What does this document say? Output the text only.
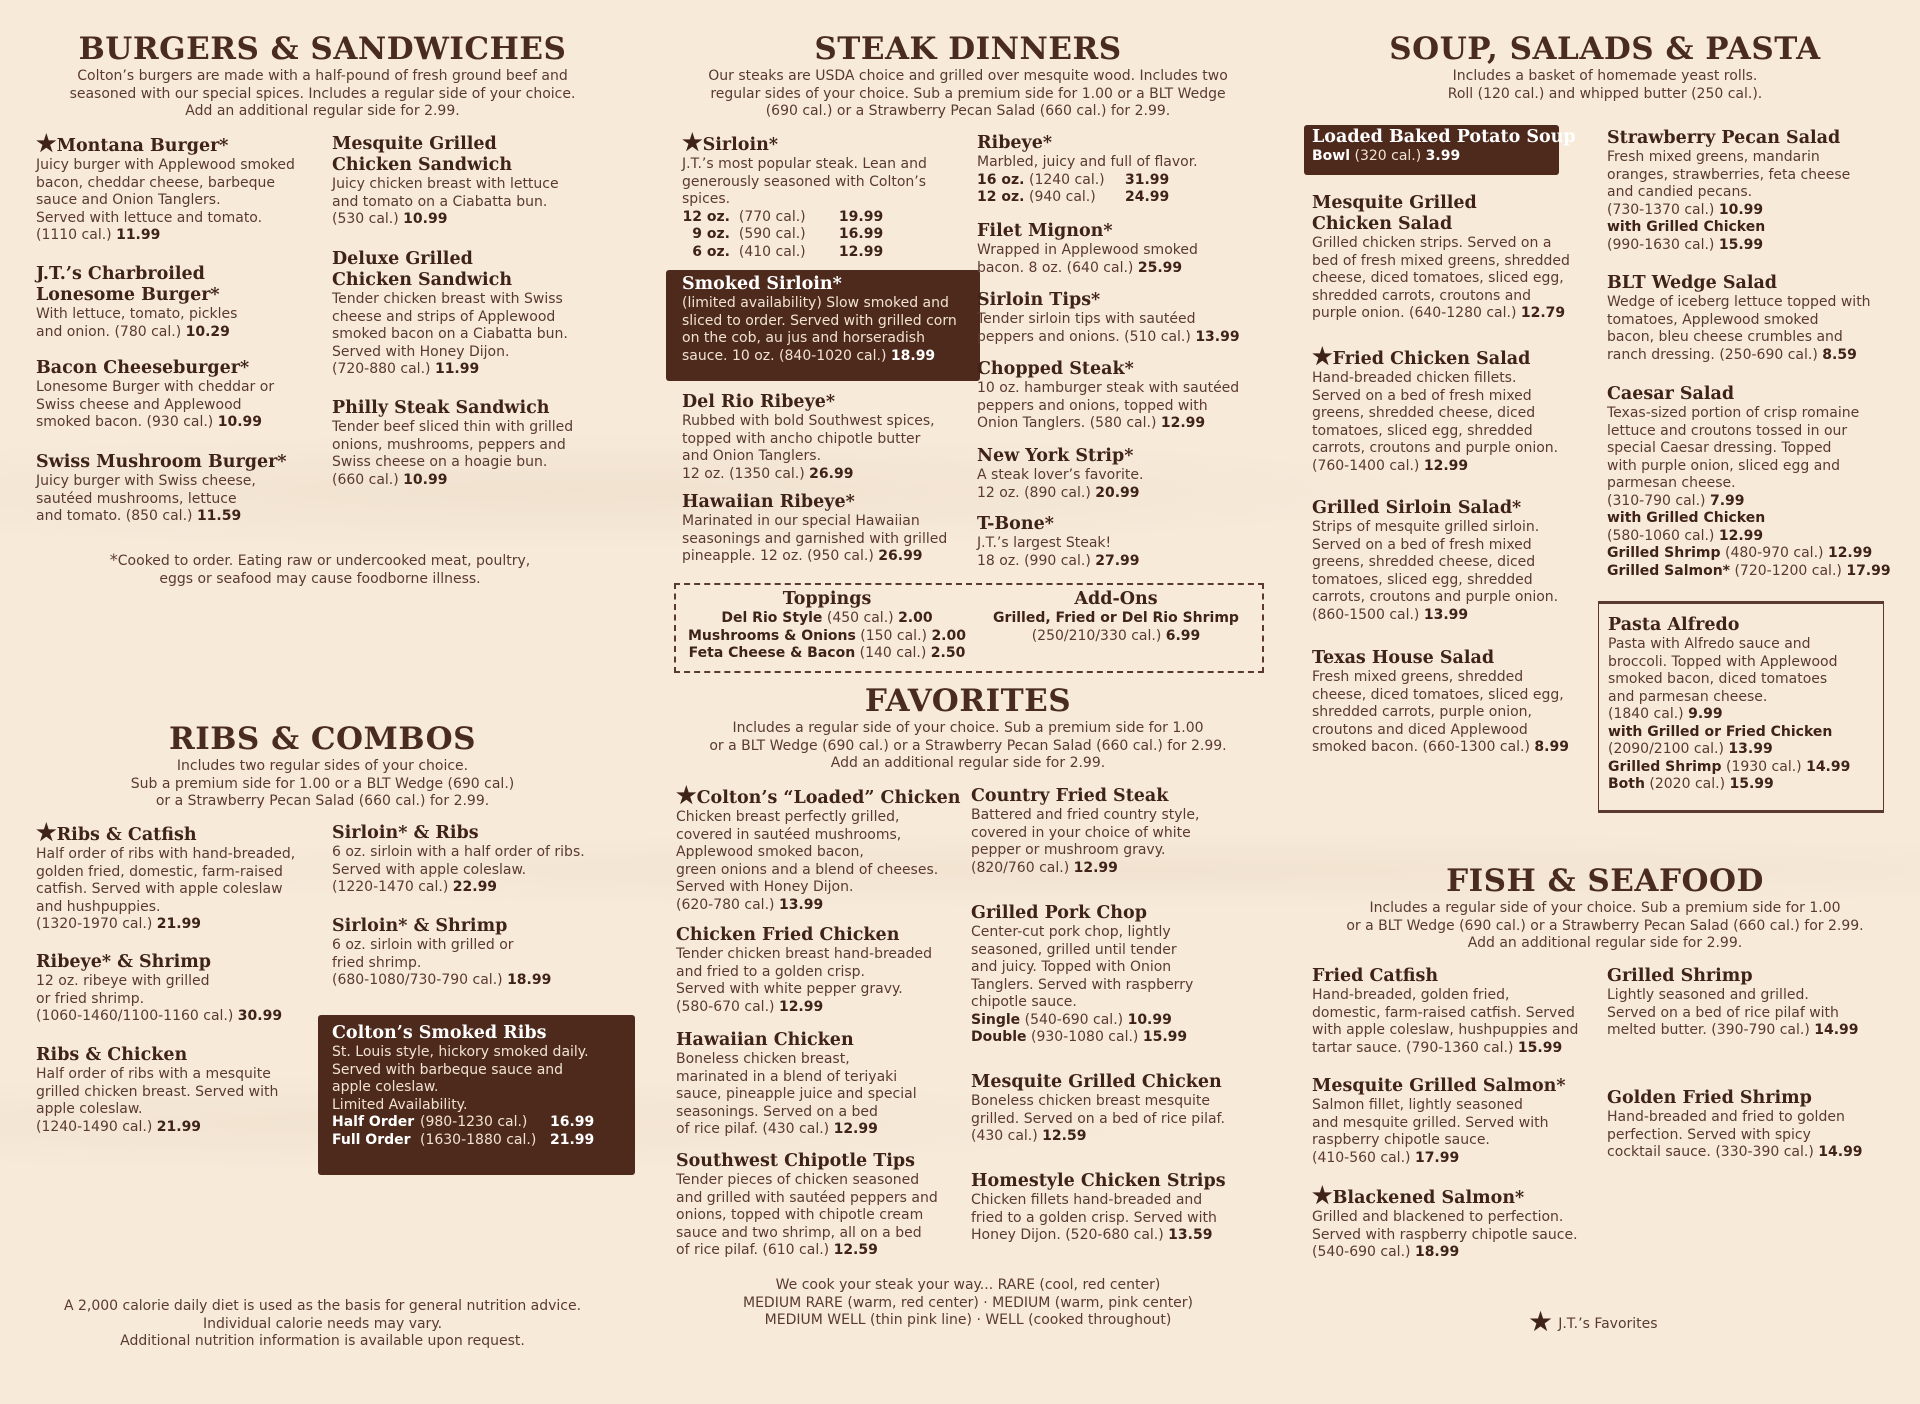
BURGERS & SANDWICHES
Colton’s burgers are made with a half-pound of fresh ground beef and
seasoned with our special spices. Includes a regular side of your choice.
Add an additional regular side for 2.99.
★Montana Burger*
Juicy burger with Applewood smoked
bacon, cheddar cheese, barbeque
sauce and Onion Tanglers.
Served with lettuce and tomato.
(1110 cal.) 11.99
J.T.’s Charbroiled
Lonesome Burger*
With lettuce, tomato, pickles
and onion. (780 cal.) 10.29
Bacon Cheeseburger*
Lonesome Burger with cheddar or
Swiss cheese and Applewood
smoked bacon. (930 cal.) 10.99
Swiss Mushroom Burger*
Juicy burger with Swiss cheese,
sautéed mushrooms, lettuce
and tomato. (850 cal.) 11.59
Mesquite Grilled
Chicken Sandwich
Juicy chicken breast with lettuce
and tomato on a Ciabatta bun.
(530 cal.) 10.99
Deluxe Grilled
Chicken Sandwich
Tender chicken breast with Swiss
cheese and strips of Applewood
smoked bacon on a Ciabatta bun.
Served with Honey Dijon.
(720-880 cal.) 11.99
Philly Steak Sandwich
Tender beef sliced thin with grilled
onions, mushrooms, peppers and
Swiss cheese on a hoagie bun.
(660 cal.) 10.99
*Cooked to order. Eating raw or undercooked meat, poultry,
eggs or seafood may cause foodborne illness.
STEAK DINNERS
Our steaks are USDA choice and grilled over mesquite wood. Includes two
regular sides of your choice. Sub a premium side for 1.00 or a BLT Wedge
(690 cal.) or a Strawberry Pecan Salad (660 cal.) for 2.99.
★Sirloin*
J.T.’s most popular steak. Lean and
generously seasoned with Colton’s
spices.
12 oz. (770 cal.) 19.99
9 oz. (590 cal.) 16.99
6 oz. (410 cal.) 12.99
Smoked Sirloin*
(limited availability) Slow smoked and
sliced to order. Served with grilled corn
on the cob, au jus and horseradish
sauce. 10 oz. (840-1020 cal.) 18.99
Del Rio Ribeye*
Rubbed with bold Southwest spices,
topped with ancho chipotle butter
and Onion Tanglers.
12 oz. (1350 cal.) 26.99
Hawaiian Ribeye*
Marinated in our special Hawaiian
seasonings and garnished with grilled
pineapple. 12 oz. (950 cal.) 26.99
Ribeye*
Marbled, juicy and full of flavor.
16 oz. (1240 cal.) 31.99
12 oz. (940 cal.) 24.99
Filet Mignon*
Wrapped in Applewood smoked
bacon. 8 oz. (640 cal.) 25.99
Sirloin Tips*
Tender sirloin tips with sautéed
peppers and onions. (510 cal.) 13.99
Chopped Steak*
10 oz. hamburger steak with sautéed
peppers and onions, topped with
Onion Tanglers. (580 cal.) 12.99
New York Strip*
A steak lover’s favorite.
12 oz. (890 cal.) 20.99
T-Bone*
J.T.’s largest Steak!
18 oz. (990 cal.) 27.99
Toppings
Del Rio Style (450 cal.) 2.00
Mushrooms & Onions (150 cal.) 2.00
Feta Cheese & Bacon (140 cal.) 2.50
Add-Ons
Grilled, Fried or Del Rio Shrimp
(250/210/330 cal.) 6.99
SOUP, SALADS & PASTA
Includes a basket of homemade yeast rolls.
Roll (120 cal.) and whipped butter (250 cal.).
Loaded Baked Potato Soup
Bowl (320 cal.) 3.99
Mesquite Grilled
Chicken Salad
Grilled chicken strips. Served on a
bed of fresh mixed greens, shredded
cheese, diced tomatoes, sliced egg,
shredded carrots, croutons and
purple onion. (640-1280 cal.) 12.79
★Fried Chicken Salad
Hand-breaded chicken fillets.
Served on a bed of fresh mixed
greens, shredded cheese, diced
tomatoes, sliced egg, shredded
carrots, croutons and purple onion.
(760-1400 cal.) 12.99
Grilled Sirloin Salad*
Strips of mesquite grilled sirloin.
Served on a bed of fresh mixed
greens, shredded cheese, diced
tomatoes, sliced egg, shredded
carrots, croutons and purple onion.
(860-1500 cal.) 13.99
Texas House Salad
Fresh mixed greens, shredded
cheese, diced tomatoes, sliced egg,
shredded carrots, purple onion,
croutons and diced Applewood
smoked bacon. (660-1300 cal.) 8.99
Strawberry Pecan Salad
Fresh mixed greens, mandarin
oranges, strawberries, feta cheese
and candied pecans.
(730-1370 cal.) 10.99
with Grilled Chicken
(990-1630 cal.) 15.99
BLT Wedge Salad
Wedge of iceberg lettuce topped with
tomatoes, Applewood smoked
bacon, bleu cheese crumbles and
ranch dressing. (250-690 cal.) 8.59
Caesar Salad
Texas-sized portion of crisp romaine
lettuce and croutons tossed in our
special Caesar dressing. Topped
with purple onion, sliced egg and
parmesan cheese.
(310-790 cal.) 7.99
with Grilled Chicken
(580-1060 cal.) 12.99
Grilled Shrimp (480-970 cal.) 12.99
Grilled Salmon* (720-1200 cal.) 17.99
Pasta Alfredo
Pasta with Alfredo sauce and
broccoli. Topped with Applewood
smoked bacon, diced tomatoes
and parmesan cheese.
(1840 cal.) 9.99
with Grilled or Fried Chicken
(2090/2100 cal.) 13.99
Grilled Shrimp (1930 cal.) 14.99
Both (2020 cal.) 15.99
RIBS & COMBOS
Includes two regular sides of your choice.
Sub a premium side for 1.00 or a BLT Wedge (690 cal.)
or a Strawberry Pecan Salad (660 cal.) for 2.99.
★Ribs & Catfish
Half order of ribs with hand-breaded,
golden fried, domestic, farm-raised
catfish. Served with apple coleslaw
and hushpuppies.
(1320-1970 cal.) 21.99
Ribeye* & Shrimp
12 oz. ribeye with grilled
or fried shrimp.
(1060-1460/1100-1160 cal.) 30.99
Ribs & Chicken
Half order of ribs with a mesquite
grilled chicken breast. Served with
apple coleslaw.
(1240-1490 cal.) 21.99
Sirloin* & Ribs
6 oz. sirloin with a half order of ribs.
Served with apple coleslaw.
(1220-1470 cal.) 22.99
Sirloin* & Shrimp
6 oz. sirloin with grilled or
fried shrimp.
(680-1080/730-790 cal.) 18.99
Colton’s Smoked Ribs
St. Louis style, hickory smoked daily.
Served with barbeque sauce and
apple coleslaw.
Limited Availability.
Half Order (980-1230 cal.) 16.99
Full Order (1630-1880 cal.) 21.99
FAVORITES
Includes a regular side of your choice. Sub a premium side for 1.00
or a BLT Wedge (690 cal.) or a Strawberry Pecan Salad (660 cal.) for 2.99.
Add an additional regular side for 2.99.
★Colton’s “Loaded” Chicken
Chicken breast perfectly grilled,
covered in sautéed mushrooms,
Applewood smoked bacon,
green onions and a blend of cheeses.
Served with Honey Dijon.
(620-780 cal.) 13.99
Chicken Fried Chicken
Tender chicken breast hand-breaded
and fried to a golden crisp.
Served with white pepper gravy.
(580-670 cal.) 12.99
Hawaiian Chicken
Boneless chicken breast,
marinated in a blend of teriyaki
sauce, pineapple juice and special
seasonings. Served on a bed
of rice pilaf. (430 cal.) 12.99
Southwest Chipotle Tips
Tender pieces of chicken seasoned
and grilled with sautéed peppers and
onions, topped with chipotle cream
sauce and two shrimp, all on a bed
of rice pilaf. (610 cal.) 12.59
Country Fried Steak
Battered and fried country style,
covered in your choice of white
pepper or mushroom gravy.
(820/760 cal.) 12.99
Grilled Pork Chop
Center-cut pork chop, lightly
seasoned, grilled until tender
and juicy. Topped with Onion
Tanglers. Served with raspberry
chipotle sauce.
Single (540-690 cal.) 10.99
Double (930-1080 cal.) 15.99
Mesquite Grilled Chicken
Boneless chicken breast mesquite
grilled. Served on a bed of rice pilaf.
(430 cal.) 12.59
Homestyle Chicken Strips
Chicken fillets hand-breaded and
fried to a golden crisp. Served with
Honey Dijon. (520-680 cal.) 13.59
We cook your steak your way... RARE (cool, red center)
MEDIUM RARE (warm, red center) · MEDIUM (warm, pink center)
MEDIUM WELL (thin pink line) · WELL (cooked throughout)
FISH & SEAFOOD
Includes a regular side of your choice. Sub a premium side for 1.00
or a BLT Wedge (690 cal.) or a Strawberry Pecan Salad (660 cal.) for 2.99.
Add an additional regular side for 2.99.
Fried Catfish
Hand-breaded, golden fried,
domestic, farm-raised catfish. Served
with apple coleslaw, hushpuppies and
tartar sauce. (790-1360 cal.) 15.99
Mesquite Grilled Salmon*
Salmon fillet, lightly seasoned
and mesquite grilled. Served with
raspberry chipotle sauce.
(410-560 cal.) 17.99
★Blackened Salmon*
Grilled and blackened to perfection.
Served with raspberry chipotle sauce.
(540-690 cal.) 18.99
Grilled Shrimp
Lightly seasoned and grilled.
Served on a bed of rice pilaf with
melted butter. (390-790 cal.) 14.99
Golden Fried Shrimp
Hand-breaded and fried to golden
perfection. Served with spicy
cocktail sauce. (330-390 cal.) 14.99
A 2,000 calorie daily diet is used as the basis for general nutrition advice.
Individual calorie needs may vary.
Additional nutrition information is available upon request.
★ J.T.’s Favorites
